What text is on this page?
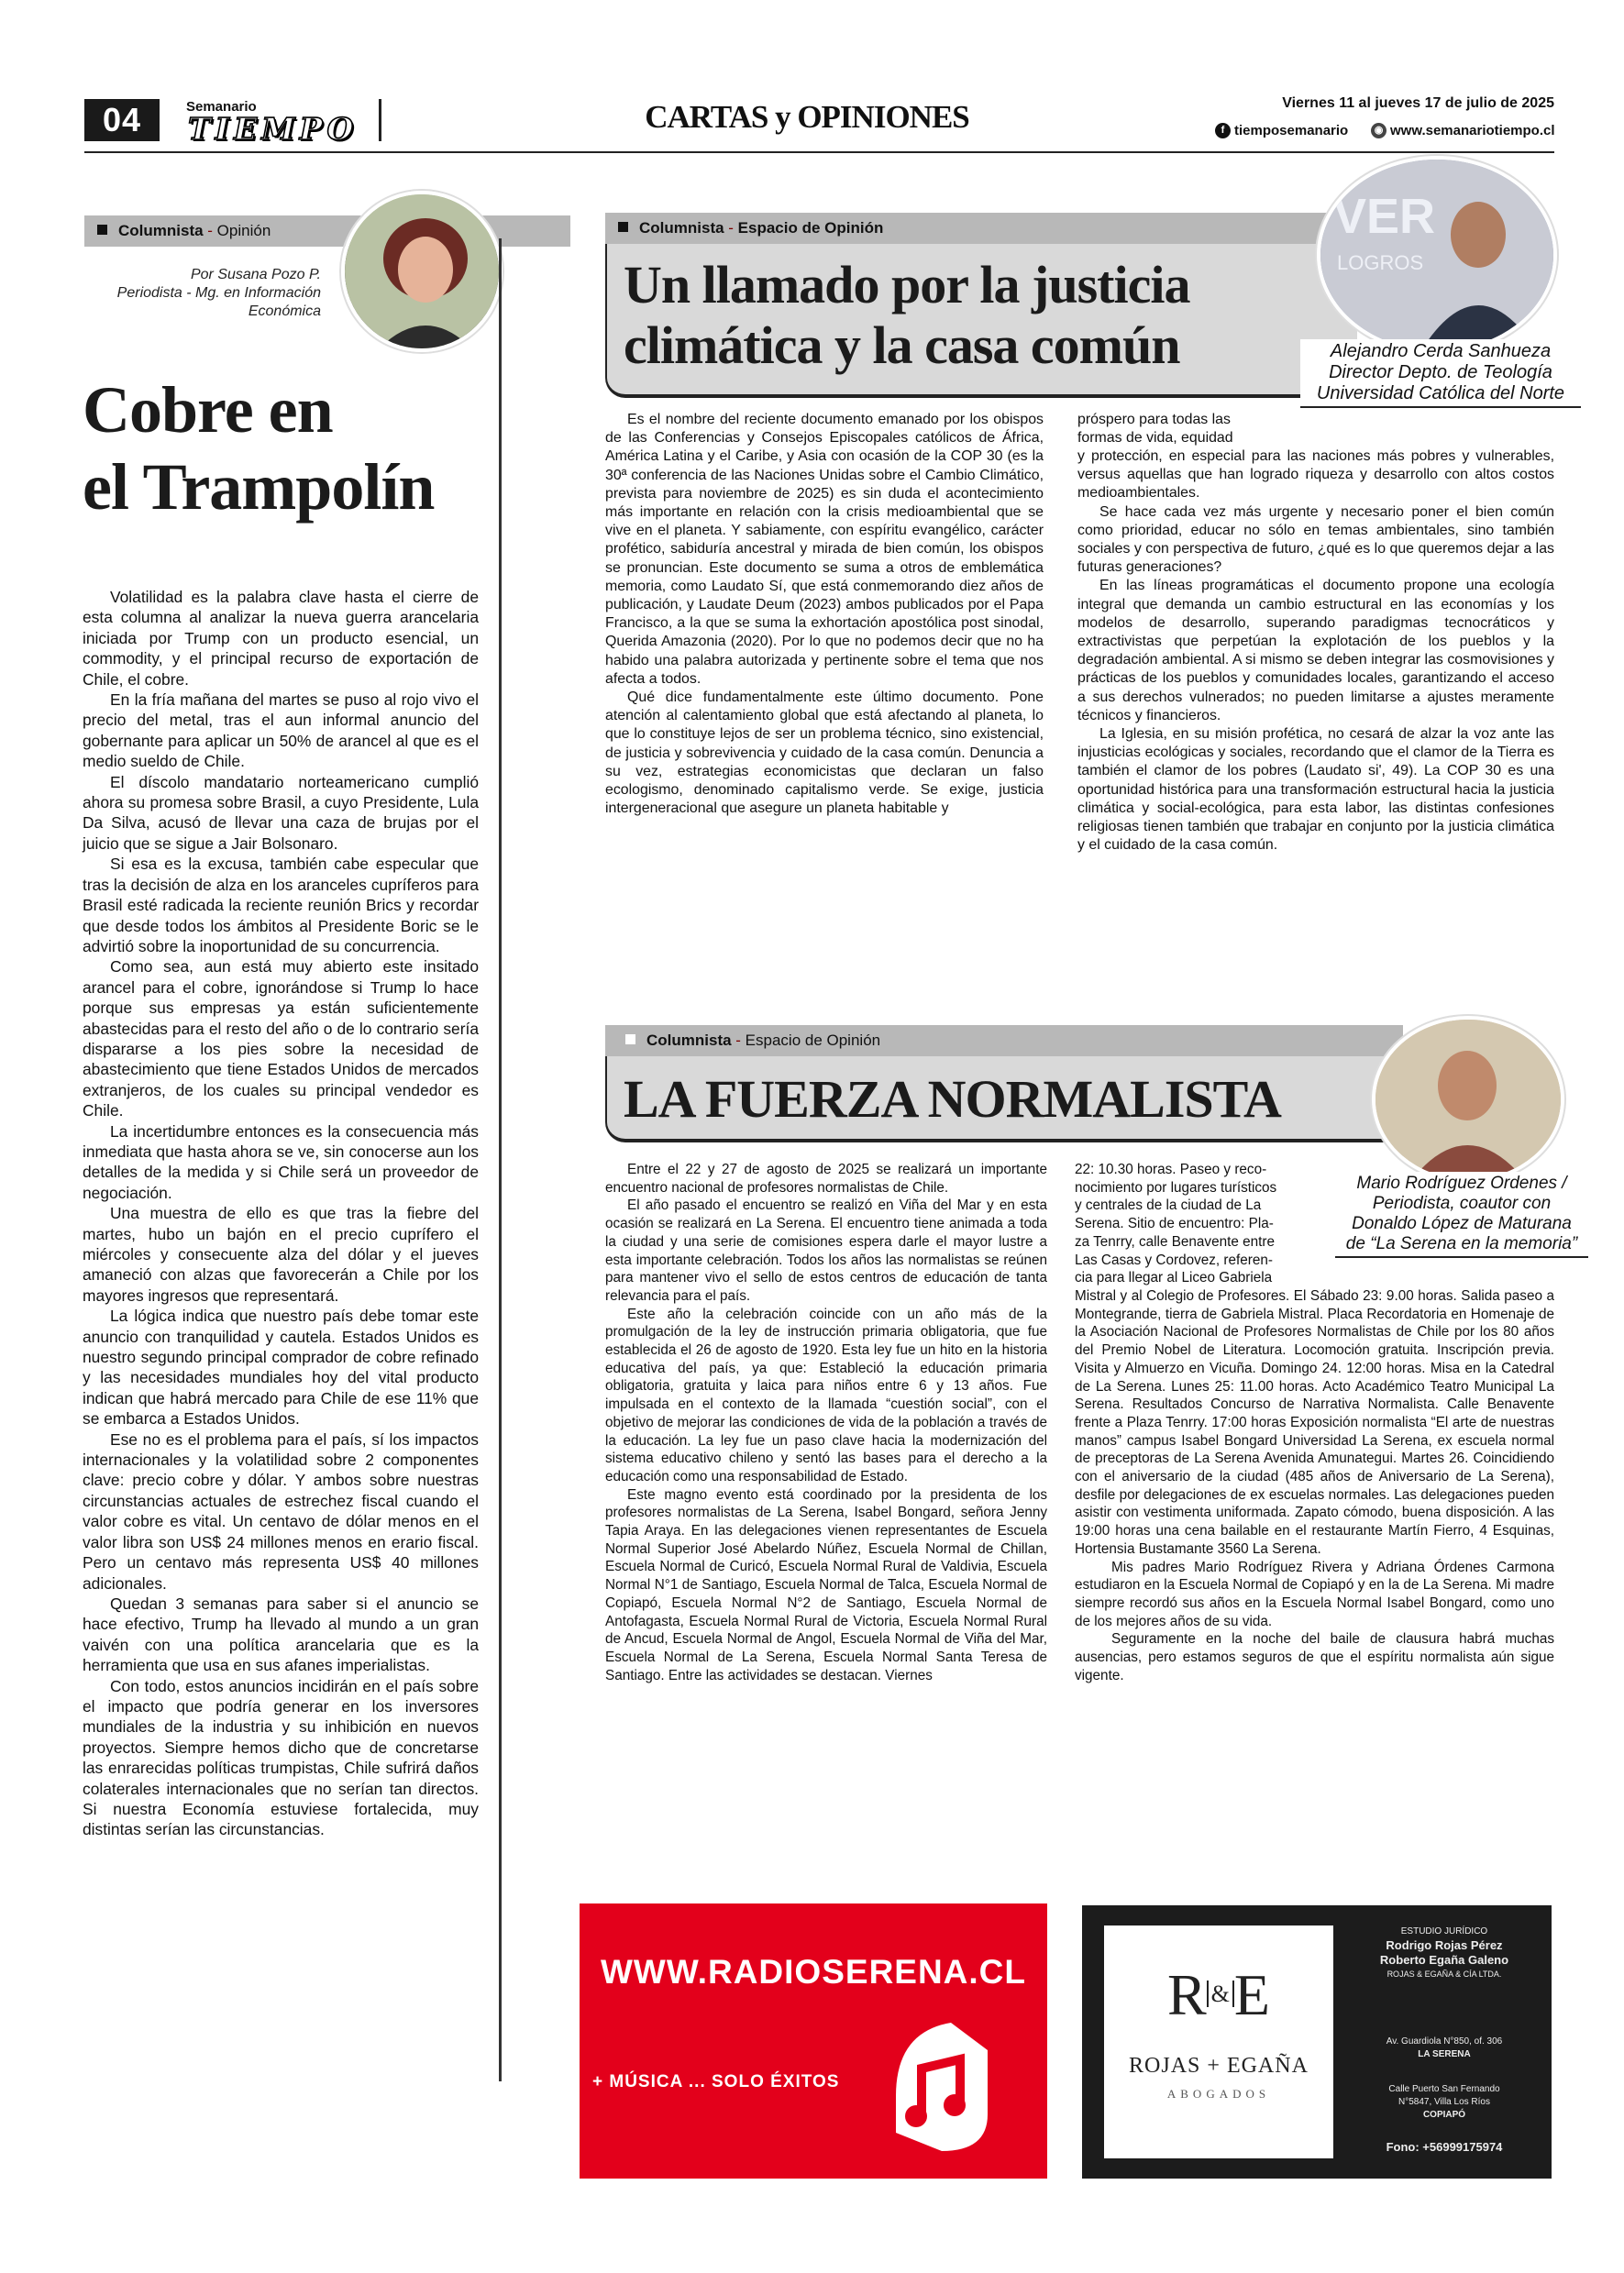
04	Semanario
TIEMPO	CARTAS y OPINIONES	Viernes 11 al jueves 17 de julio de 2025
f tiemposemanario	◉ www.semanariotiempo.cl
Columnista - Opinión
Por Susana Pozo P.
Periodista - Mg. en Información
Económica
Cobre en
el Trampolín

Volatilidad es la palabra clave hasta el cierre de esta columna al analizar la nueva guerra arancelaria iniciada por Trump con un producto esencial, un commodity, y el principal recurso de exportación de Chile, el cobre.

En la fría mañana del martes se puso al rojo vivo el precio del metal, tras el aun informal anuncio del gobernante para aplicar un 50% de arancel al que es el medio sueldo de Chile.

El díscolo mandatario norteamericano cumplió ahora su promesa sobre Brasil, a cuyo Presidente, Lula Da Silva, acusó de llevar una caza de brujas por el juicio que se sigue a Jair Bolsonaro.

Si esa es la excusa, también cabe especular que tras la decisión de alza en los aranceles cupríferos para Brasil esté radicada la reciente reunión Brics y recordar que desde todos los ámbitos al Presidente Boric se le advirtió sobre la inoportunidad de su concurrencia.

Como sea, aun está muy abierto este insitado arancel para el cobre, ignorándose si Trump lo hace porque sus empresas ya están suficientemente abastecidas para el resto del año o de lo contrario sería dispararse a los pies sobre la necesidad de abastecimiento que tiene Estados Unidos de mercados extranjeros, de los cuales su principal vendedor es Chile.

La incertidumbre entonces es la consecuencia más inmediata que hasta ahora se ve, sin conocerse aun los detalles de la medida y si Chile será un proveedor de negociación.

Una muestra de ello es que tras la fiebre del martes, hubo un bajón en el precio cuprífero el miércoles y consecuente alza del dólar y el jueves amaneció con alzas que favorecerán a Chile por los mayores ingresos que representará.

La lógica indica que nuestro país debe tomar este anuncio con tranquilidad y cautela. Estados Unidos es nuestro segundo principal comprador de cobre refinado y las necesidades mundiales hoy del vital producto indican que habrá mercado para Chile de ese 11% que se embarca a Estados Unidos.

Ese no es el problema para el país, sí los impactos internacionales y la volatilidad sobre 2 componentes clave: precio cobre y dólar. Y ambos sobre nuestras circunstancias actuales de estrechez fiscal cuando el valor cobre es vital. Un centavo de dólar menos en el valor libra son US$ 24 millones menos en erario fiscal. Pero un centavo más representa US$ 40 millones adicionales.

Quedan 3 semanas para saber si el anuncio se hace efectivo, Trump ha llevado al mundo a un gran vaivén con una política arancelaria que es la herramienta que usa en sus afanes imperialistas.

Con todo, estos anuncios incidirán en el país sobre el impacto que podría generar en los inversores mundiales de la industria y su inhibición en nuevos proyectos. Siempre hemos dicho que de concretarse las enrarecidas políticas trumpistas, Chile sufrirá daños colaterales internacionales que no serían tan directos. Si nuestra Economía estuviese fortalecida, muy distintas serían las circunstancias.

Columnista - Espacio de Opinión
Un llamado por la justicia
climática y la casa común
VER
LOGROS
Alejandro Cerda Sanhueza
Director Depto. de Teología
Universidad Católica del Norte

Es el nombre del reciente documento emanado por los obispos de las Conferencias y Consejos Episcopales católicos de África, América Latina y el Caribe, y Asia con ocasión de la COP 30 (es la 30ª conferencia de las Naciones Unidas sobre el Cambio Climático, prevista para noviembre de 2025) es sin duda el acontecimiento más importante en relación con la crisis medioambiental que se vive en el planeta. Y sabiamente, con espíritu evangélico, carácter profético, sabiduría ancestral y mirada de bien común, los obispos se pronuncian. Este documento se suma a otros de emblemática memoria, como Laudato Sí, que está conmemorando diez años de publicación, y Laudate Deum (2023) ambos publicados por el Papa Francisco, a la que se suma la exhortación apostólica post sinodal, Querida Amazonia (2020). Por lo que no podemos decir que no ha habido una palabra autorizada y pertinente sobre el tema que nos afecta a todos.

Qué dice fundamentalmente este último documento. Pone atención al calentamiento global que está afectando al planeta, lo que lo constituye lejos de ser un problema técnico, sino existencial, de justicia y sobrevivencia y cuidado de la casa común. Denuncia a su vez, estrategias economicistas que declaran un falso ecologismo, denominado capitalismo verde. Se exige, justicia intergeneracional que asegure un planeta habitable y

próspero para todas las
formas de vida, equidad

y protección, en especial para las naciones más pobres y vulnerables, versus aquellas que han logrado riqueza y desarrollo con altos costos medioambientales.

Se hace cada vez más urgente y necesario poner el bien común como prioridad, educar no sólo en temas ambientales, sino también sociales y con perspectiva de futuro, ¿qué es lo que queremos dejar a las futuras generaciones?

En las líneas programáticas el documento propone una ecología integral que demanda un cambio estructural en las economías y los modelos de desarrollo, superando paradigmas tecnocráticos y extractivistas que perpetúan la explotación de los pueblos y la degradación ambiental. A si mismo se deben integrar las cosmovisiones y prácticas de los pueblos y comunidades locales, garantizando el acceso a sus derechos vulnerados; no pueden limitarse a ajustes meramente técnicos y financieros.

La Iglesia, en su misión profética, no cesará de alzar la voz ante las injusticias ecológicas y sociales, recordando que el clamor de la Tierra es también el clamor de los pobres (Laudato si', 49). La COP 30 es una oportunidad histórica para una transformación estructural hacia la justicia climática y social-ecológica, para esta labor, las distintas confesiones religiosas tienen también que trabajar en conjunto por la justicia climática y el cuidado de la casa común.

Columnista - Espacio de Opinión
LA FUERZA NORMALISTA
Mario Rodríguez Ordenes /
Periodista, coautor con
Donaldo López de Maturana
de “La Serena en la memoria”

Entre el 22 y 27 de agosto de 2025 se realizará un importante encuentro nacional de profesores normalistas de Chile.

El año pasado el encuentro se realizó en Viña del Mar y en esta ocasión se realizará en La Serena. El encuentro tiene animada a toda la ciudad y una serie de comisiones espera darle el mayor lustre a esta importante celebración. Todos los años las normalistas se reúnen para mantener vivo el sello de estos centros de educación de tanta relevancia para el país.

Este año la celebración coincide con un año más de la promulgación de la ley de instrucción primaria obligatoria, que fue establecida el 26 de agosto de 1920. Esta ley fue un hito en la historia educativa del país, ya que: Estableció la educación primaria obligatoria, gratuita y laica para niños entre 6 y 13 años. Fue impulsada en el contexto de la llamada “cuestión social”, con el objetivo de mejorar las condiciones de vida de la población a través de la educación. La ley fue un paso clave hacia la modernización del sistema educativo chileno y sentó las bases para el derecho a la educación como una responsabilidad de Estado.

Este magno evento está coordinado por la presidenta de los profesores normalistas de La Serena, Isabel Bongard, señora Jenny Tapia Araya. En las delegaciones vienen representantes de Escuela Normal Superior José Abelardo Núñez, Escuela Normal de Chillan, Escuela Normal de Curicó, Escuela Normal Rural de Valdivia, Escuela Normal N°1 de Santiago, Escuela Normal de Talca, Escuela Normal de Copiapó, Escuela Normal N°2 de Santiago, Escuela Normal de Antofagasta, Escuela Normal Rural de Victoria, Escuela Normal Rural de Ancud, Escuela Normal de Angol, Escuela Normal de Viña del Mar, Escuela Normal de La Serena, Escuela Normal Santa Teresa de Santiago. Entre las actividades se destacan. Viernes

22: 10.30 horas. Paseo y reco-
nocimiento por lugares turísticos
y centrales de la ciudad de La
Serena. Sitio de encuentro: Pla-
za Tenrry, calle Benavente entre
Las Casas y Cordovez, referen-
cia para llegar al Liceo Gabriela

Mistral y al Colegio de Profesores. El Sábado 23: 9.00 horas. Salida paseo a Montegrande, tierra de Gabriela Mistral. Placa Recordatoria en Homenaje de la Asociación Nacional de Profesores Normalistas de Chile por los 80 años del Premio Nobel de Literatura. Locomoción gratuita. Inscripción previa. Visita y Almuerzo en Vicuña. Domingo 24. 12:00 horas. Misa en la Catedral de La Serena. Lunes 25: 11.00 horas. Acto Académico Teatro Municipal La Serena. Resultados Concurso de Narrativa Normalista. Calle Benavente frente a Plaza Tenrry. 17:00 horas Exposición normalista “El arte de nuestras manos” campus Isabel Bongard Universidad La Serena, ex escuela normal de preceptoras de La Serena Avenida Amunategui. Martes 26. Coincidiendo con el aniversario de la ciudad (485 años de Aniversario de La Serena), desfile por delegaciones de ex escuelas normales. Las delegaciones pueden asistir con vestimenta uniformada. Zapato cómodo, buena disposición. A las 19:00 horas una cena bailable en el restaurante Martín Fierro, 4 Esquinas, Hortensia Bustamante 3560 La Serena.

Mis padres Mario Rodríguez Rivera y Adriana Órdenes Carmona estudiaron en la Escuela Normal de Copiapó y en la de La Serena. Mi madre siempre recordó sus años en la Escuela Normal Isabel Bongard, como uno de los mejores años de su vida.

Seguramente en la noche del baile de clausura habrá muchas ausencias, pero estamos seguros de que el espíritu normalista aún sigue vigente.

WWW.RADIOSERENA.CL
+ MÚSICA ... SOLO ÉXITOS
R &E
ROJAS + EGAÑA
ABOGADOS
ESTUDIO JURÍDICO
Rodrigo Rojas Pérez
Roberto Egaña Galeno
ROJAS & EGAÑA & CÍA LTDA.
Av. Guardiola N°850, of. 306
LA SERENA
Calle Puerto San Fernando
N°5847, Villa Los Ríos
COPIAPÓ
Fono: +56999175974
